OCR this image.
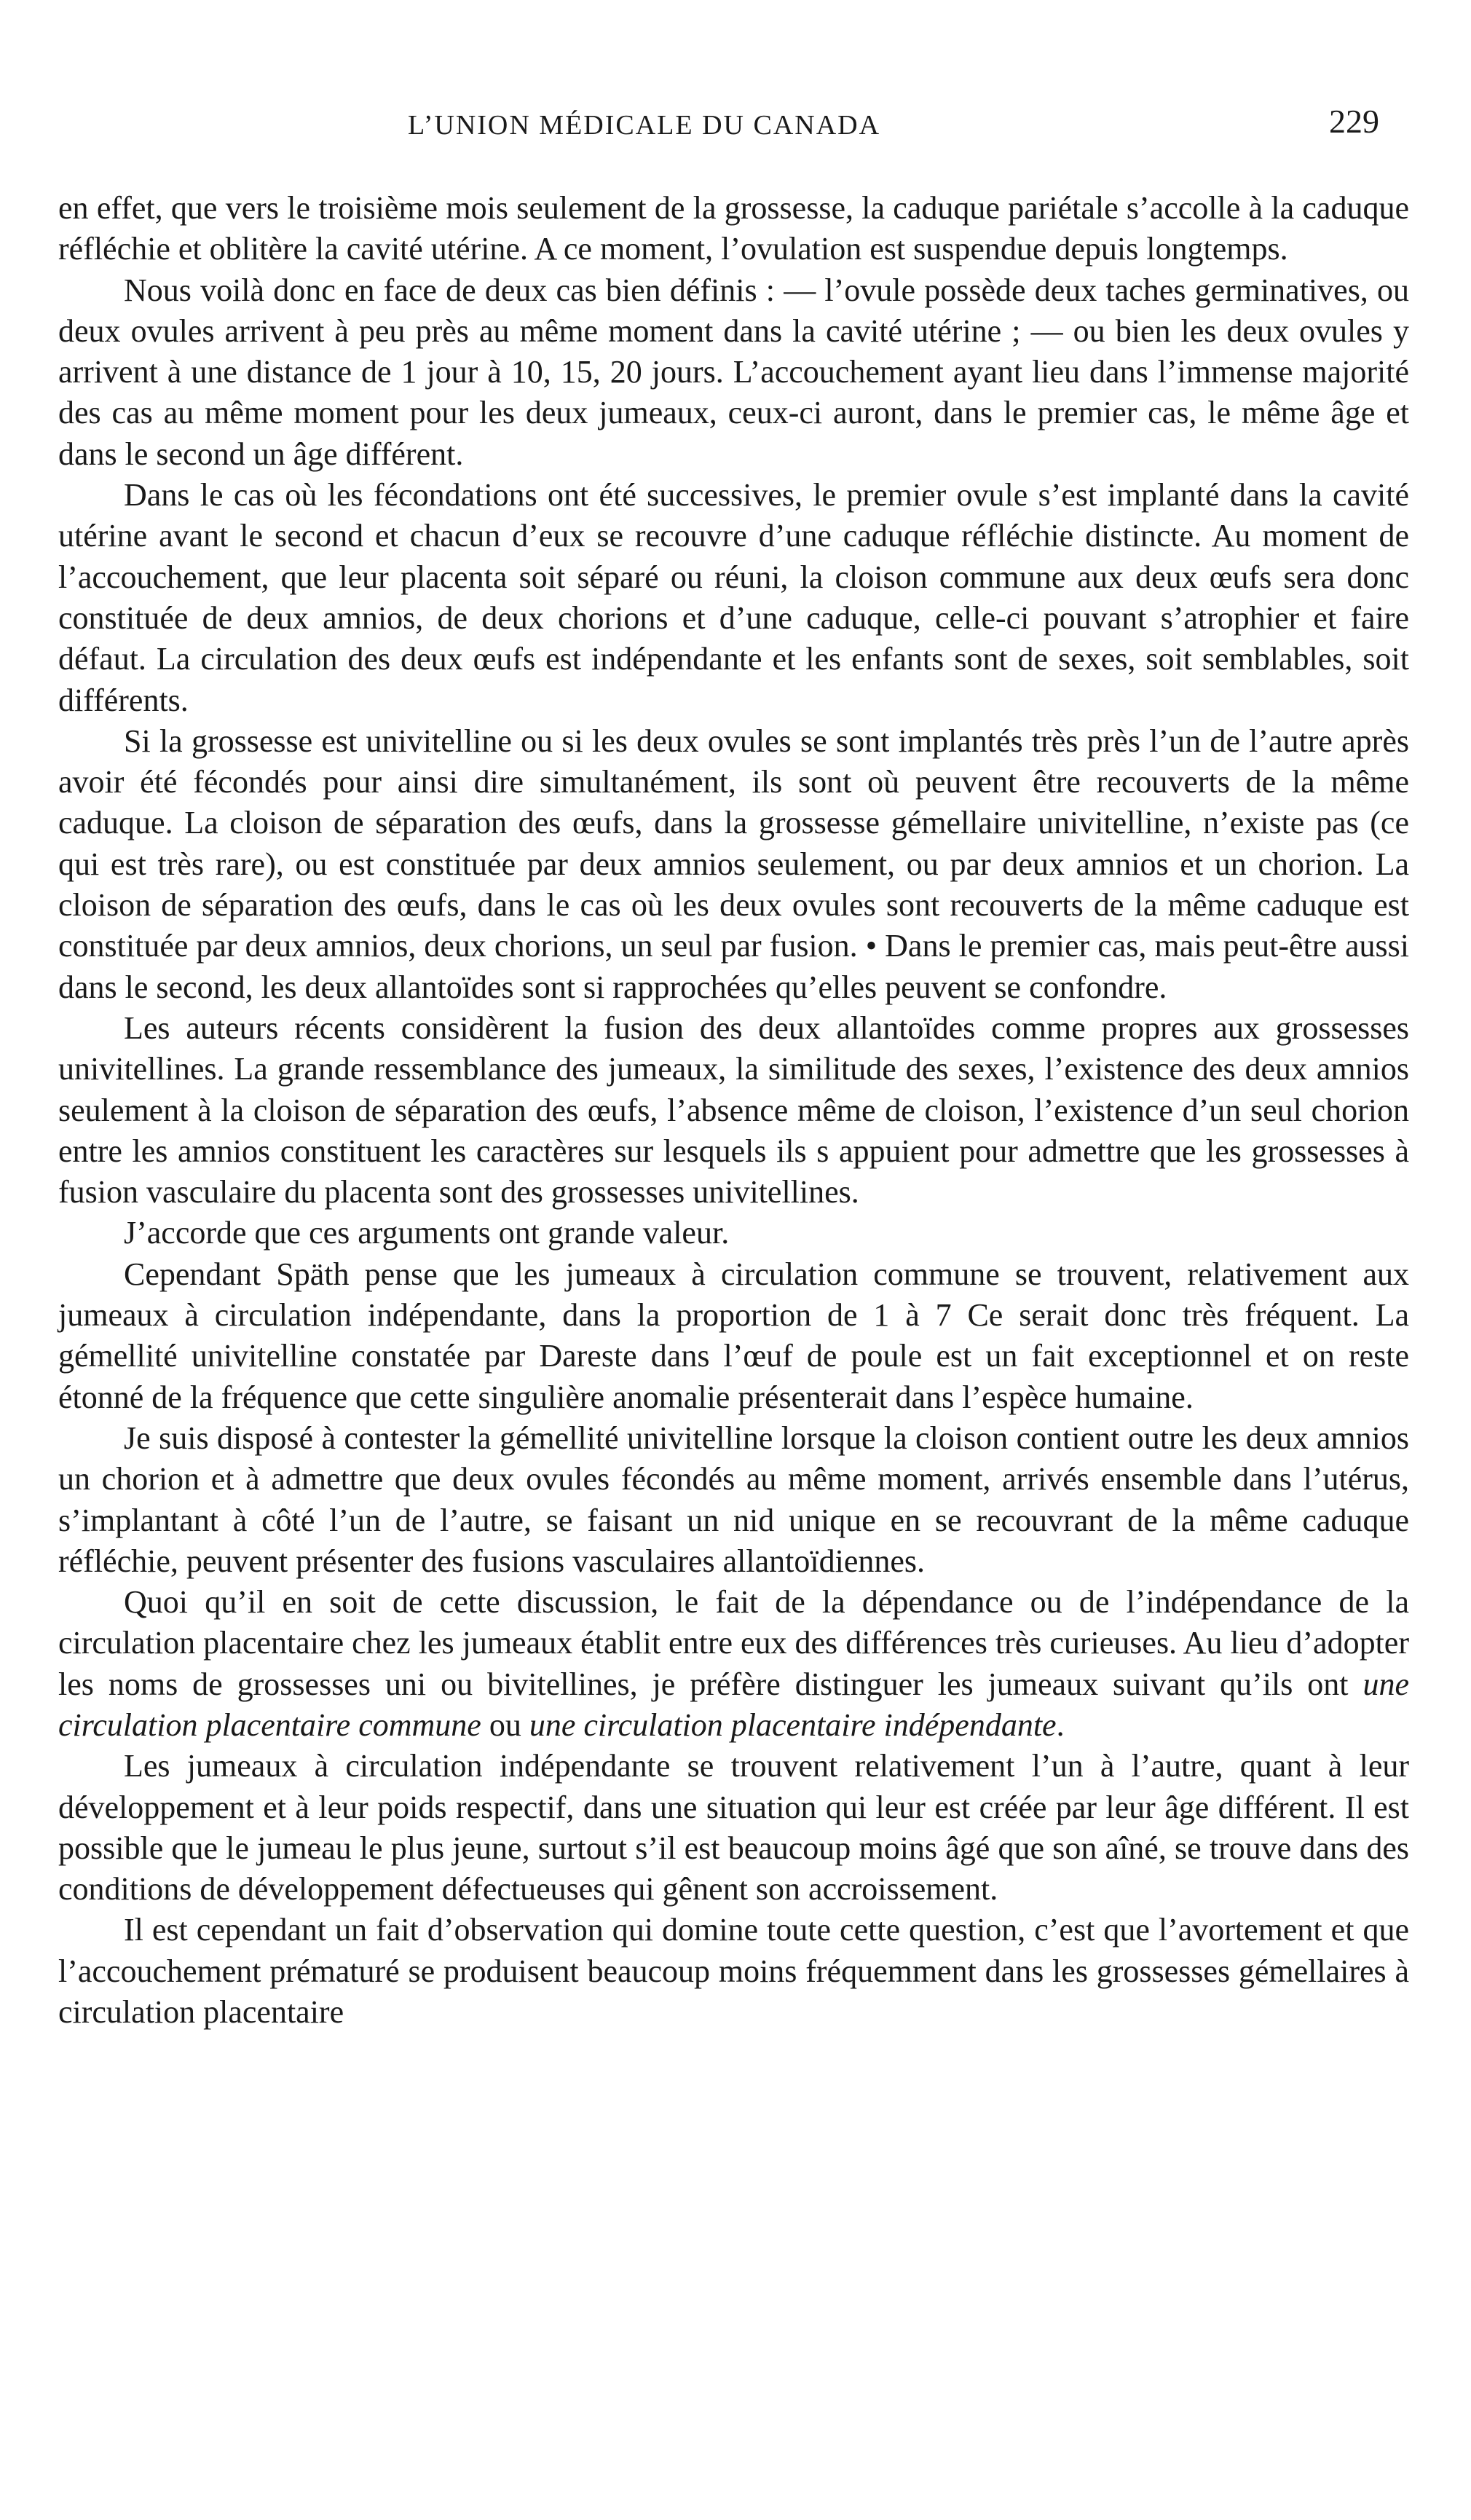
L’UNION MÉDICALE DU CANADA	229

en effet, que vers le troisième mois seulement de la grossesse, la caduque pariétale s’accolle à la caduque réfléchie et oblitère la cavité utérine. A ce moment, l’ovulation est suspendue depuis longtemps.

Nous voilà donc en face de deux cas bien définis : — l’ovule possède deux taches germinatives, ou deux ovules arrivent à peu près au même moment dans la cavité utérine ; — ou bien les deux ovules y arrivent à une distance de 1 jour à 10, 15, 20 jours. L’accouchement ayant lieu dans l’immense majorité des cas au même moment pour les deux jumeaux, ceux-ci auront, dans le premier cas, le même âge et dans le second un âge différent.

Dans le cas où les fécondations ont été successives, le premier ovule s’est implanté dans la cavité utérine avant le second et chacun d’eux se recouvre d’une caduque réfléchie distincte. Au moment de l’accouchement, que leur placenta soit séparé ou réuni, la cloison commune aux deux œufs sera donc constituée de deux amnios, de deux chorions et d’une caduque, celle-ci pouvant s’atrophier et faire défaut. La circulation des deux œufs est indépendante et les enfants sont de sexes, soit semblables, soit différents.

Si la grossesse est univitelline ou si les deux ovules se sont implantés très près l’un de l’autre après avoir été fécondés pour ainsi dire simultanément, ils sont où peuvent être recouverts de la même caduque. La cloison de séparation des œufs, dans la grossesse gémellaire univitelline, n’existe pas (ce qui est très rare), ou est constituée par deux amnios seulement, ou par deux amnios et un chorion. La cloison de séparation des œufs, dans le cas où les deux ovules sont recouverts de la même caduque est constituée par deux amnios, deux chorions, un seul par fusion. • Dans le premier cas, mais peut-être aussi dans le second, les deux allantoïdes sont si rapprochées qu’elles peuvent se confondre.

Les auteurs récents considèrent la fusion des deux allantoïdes comme propres aux grossesses univitellines. La grande ressemblance des jumeaux, la similitude des sexes, l’existence des deux amnios seulement à la cloison de séparation des œufs, l’absence même de cloison, l’existence d’un seul chorion entre les amnios constituent les caractères sur lesquels ils s appuient pour admettre que les grossesses à fusion vasculaire du placenta sont des grossesses univitellines.

J’accorde que ces arguments ont grande valeur.

Cependant Späth pense que les jumeaux à circulation commune se trouvent, relativement aux jumeaux à circulation indépendante, dans la proportion de 1 à 7 Ce serait donc très fréquent. La gémellité univitelline constatée par Dareste dans l’œuf de poule est un fait exceptionnel et on reste étonné de la fréquence que cette singulière anomalie présenterait dans l’espèce humaine.

Je suis disposé à contester la gémellité univitelline lorsque la cloison contient outre les deux amnios un chorion et à admettre que deux ovules fécondés au même moment, arrivés ensemble dans l’utérus, s’implantant à côté l’un de l’autre, se faisant un nid unique en se recouvrant de la même caduque réfléchie, peuvent présenter des fusions vasculaires allantoïdiennes.

Quoi qu’il en soit de cette discussion, le fait de la dépendance ou de l’indépendance de la circulation placentaire chez les jumeaux établit entre eux des différences très curieuses. Au lieu d’adopter les noms de grossesses uni ou bivitellines, je préfère distinguer les jumeaux suivant qu’ils ont une circulation placentaire commune ou une circulation placentaire indépendante.

Les jumeaux à circulation indépendante se trouvent relativement l’un à l’autre, quant à leur développement et à leur poids respectif, dans une situation qui leur est créée par leur âge différent. Il est possible que le jumeau le plus jeune, surtout s’il est beaucoup moins âgé que son aîné, se trouve dans des conditions de développement défectueuses qui gênent son accroissement.

Il est cependant un fait d’observation qui domine toute cette question, c’est que l’avortement et que l’accouchement prématuré se produisent beaucoup moins fréquemment dans les grossesses gémellaires à circulation placentaire
